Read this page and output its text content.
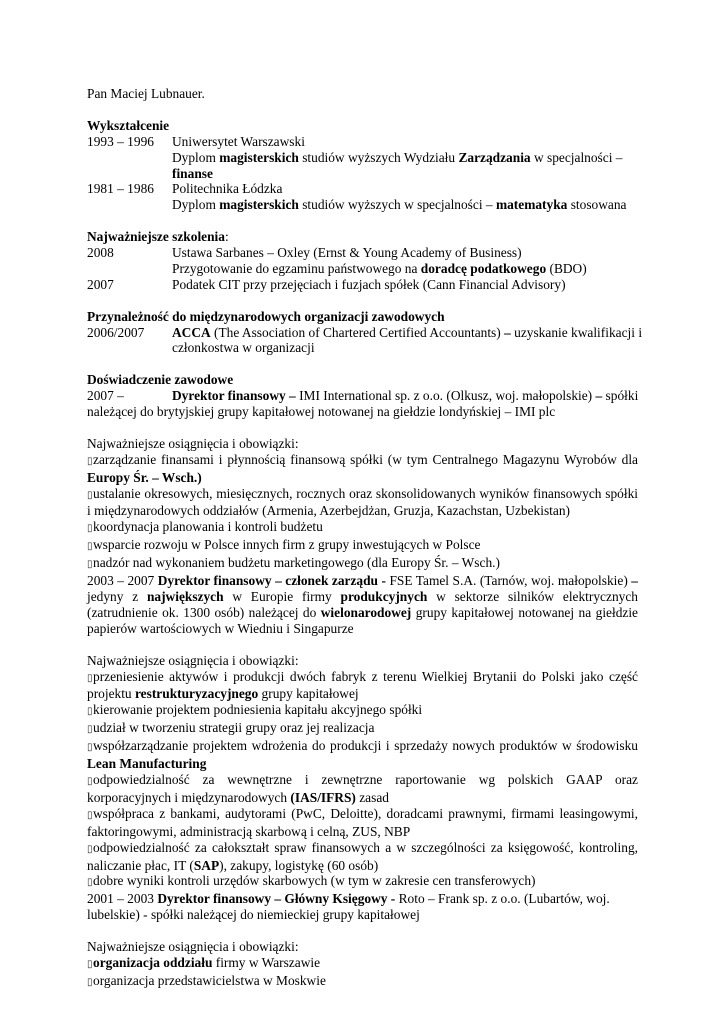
Pan Maciej Lubnauer.
Wykształcenie
1993 – 1996	Uniwersytet Warszawski
Dyplom magisterskich studiów wyższych Wydziału Zarządzania w specjalności –
finanse
1981 – 1986	Politechnika Łódzka
Dyplom magisterskich studiów wyższych w specjalności – matematyka stosowana
Najważniejsze szkolenia:
2008	Ustawa Sarbanes – Oxley (Ernst & Young Academy of Business)
Przygotowanie do egzaminu państwowego na doradcę podatkowego (BDO)
2007	Podatek CIT przy przejęciach i fuzjach spółek (Cann Financial Advisory)
Przynależność do międzynarodowych organizacji zawodowych
2006/2007	ACCA (The Association of Chartered Certified Accountants) – uzyskanie kwalifikacji i
członkostwa w organizacji
Doświadczenie zawodowe
2007 –	Dyrektor finansowy – IMI International sp. z o.o. (Olkusz, woj. małopolskie) – spółki
należącej do brytyjskiej grupy kapitałowej notowanej na giełdzie londyńskiej – IMI plc
Najważniejsze osiągnięcia i obowiązki:
▯zarządzanie finansami i płynnością finansową spółki (w tym Centralnego Magazynu Wyrobów dla Europy Śr. – Wsch.)
▯ustalanie okresowych, miesięcznych, rocznych oraz skonsolidowanych wyników finansowych spółki i międzynarodowych oddziałów (Armenia, Azerbejdżan, Gruzja, Kazachstan, Uzbekistan)
▯koordynacja planowania i kontroli budżetu
▯wsparcie rozwoju w Polsce innych firm z grupy inwestujących w Polsce
▯nadzór nad wykonaniem budżetu marketingowego (dla Europy Śr. – Wsch.)
2003 – 2007 Dyrektor finansowy – członek zarządu - FSE Tamel S.A. (Tarnów, woj. małopolskie) – jedyny z największych w Europie firmy produkcyjnych w sektorze silników elektrycznych (zatrudnienie ok. 1300 osób) należącej do wielonarodowej grupy kapitałowej notowanej na giełdzie papierów wartościowych w Wiedniu i Singapurze
Najważniejsze osiągnięcia i obowiązki:
▯przeniesienie aktywów i produkcji dwóch fabryk z terenu Wielkiej Brytanii do Polski jako część projektu restrukturyzacyjnego grupy kapitałowej
▯kierowanie projektem podniesienia kapitału akcyjnego spółki
▯udział w tworzeniu strategii grupy oraz jej realizacja
▯współzarządzanie projektem wdrożenia do produkcji i sprzedaży nowych produktów w środowisku Lean Manufacturing
▯odpowiedzialność za wewnętrzne i zewnętrzne raportowanie wg polskich GAAP oraz korporacyjnych i międzynarodowych (IAS/IFRS) zasad
▯współpraca z bankami, audytorami (PwC, Deloitte), doradcami prawnymi, firmami leasingowymi, faktoringowymi, administracją skarbową i celną, ZUS, NBP
▯odpowiedzialność za całokształt spraw finansowych a w szczególności za księgowość, kontroling, naliczanie płac, IT (SAP), zakupy, logistykę (60 osób)
▯dobre wyniki kontroli urzędów skarbowych (w tym w zakresie cen transferowych)
2001 – 2003 Dyrektor finansowy – Główny Księgowy - Roto – Frank sp. z o.o. (Lubartów, woj.
lubelskie) - spółki należącej do niemieckiej grupy kapitałowej
Najważniejsze osiągnięcia i obowiązki:
▯organizacja oddziału firmy w Warszawie
▯organizacja przedstawicielstwa w Moskwie
